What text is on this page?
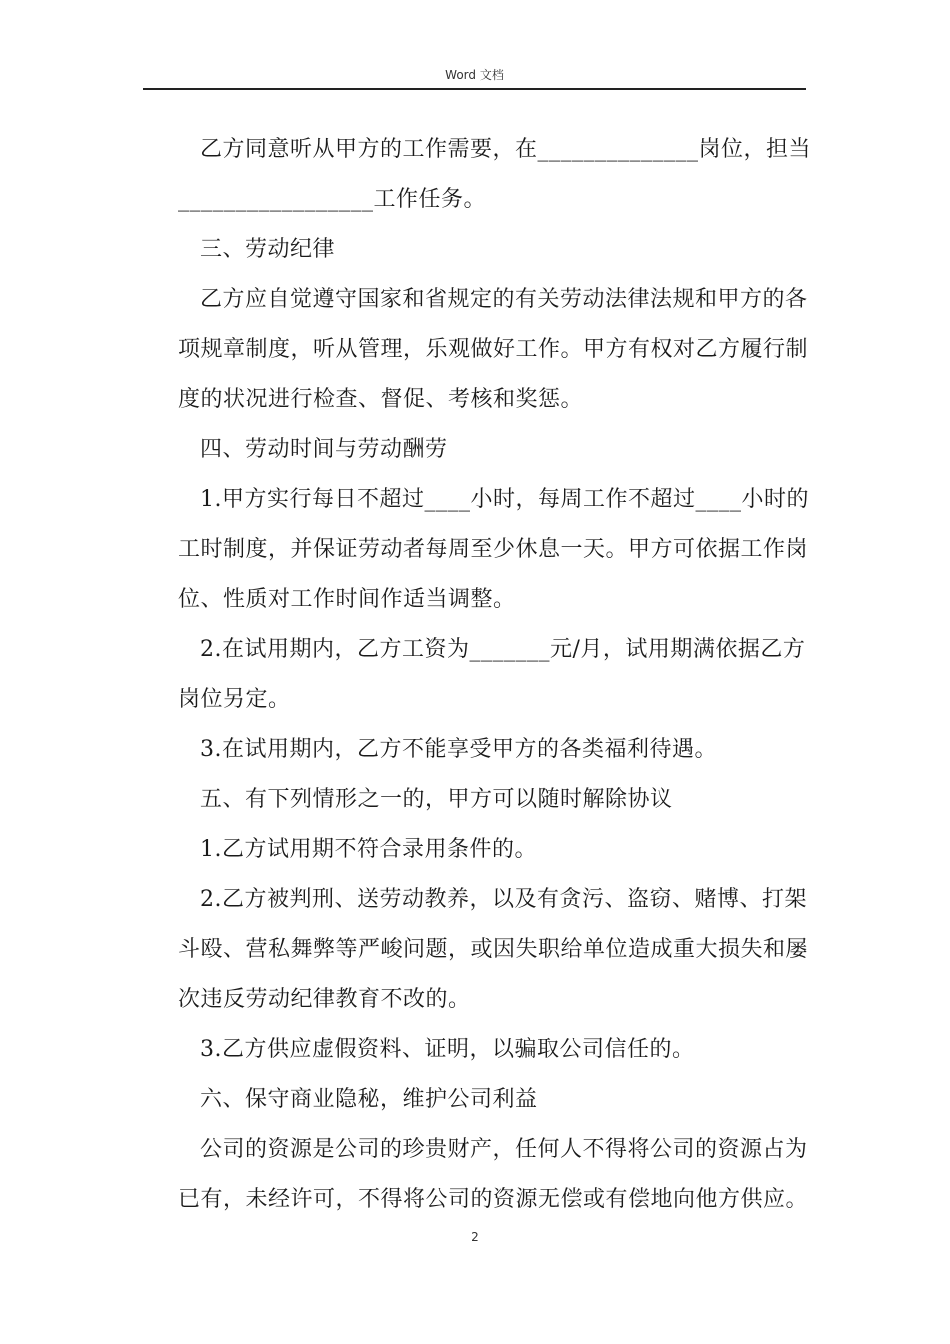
Word 文档

乙方同意听从甲方的工作需要，在______________岗位，担当

_________________工作任务。

三、劳动纪律

乙方应自觉遵守国家和省规定的有关劳动法律法规和甲方的各

项规章制度，听从管理，乐观做好工作。甲方有权对乙方履行制

度的状况进行检查、督促、考核和奖惩。

四、劳动时间与劳动酬劳

1.甲方实行每日不超过____小时，每周工作不超过____小时的

工时制度，并保证劳动者每周至少休息一天。甲方可依据工作岗

位、性质对工作时间作适当调整。

2.在试用期内，乙方工资为_______元/月，试用期满依据乙方

岗位另定。

3.在试用期内，乙方不能享受甲方的各类福利待遇。

五、有下列情形之一的，甲方可以随时解除协议

1.乙方试用期不符合录用条件的。

2.乙方被判刑、送劳动教养，以及有贪污、盗窃、赌博、打架

斗殴、营私舞弊等严峻问题，或因失职给单位造成重大损失和屡

次违反劳动纪律教育不改的。

3.乙方供应虚假资料、证明，以骗取公司信任的。

六、保守商业隐秘，维护公司利益

公司的资源是公司的珍贵财产，任何人不得将公司的资源占为

已有，未经许可，不得将公司的资源无偿或有偿地向他方供应。

2
